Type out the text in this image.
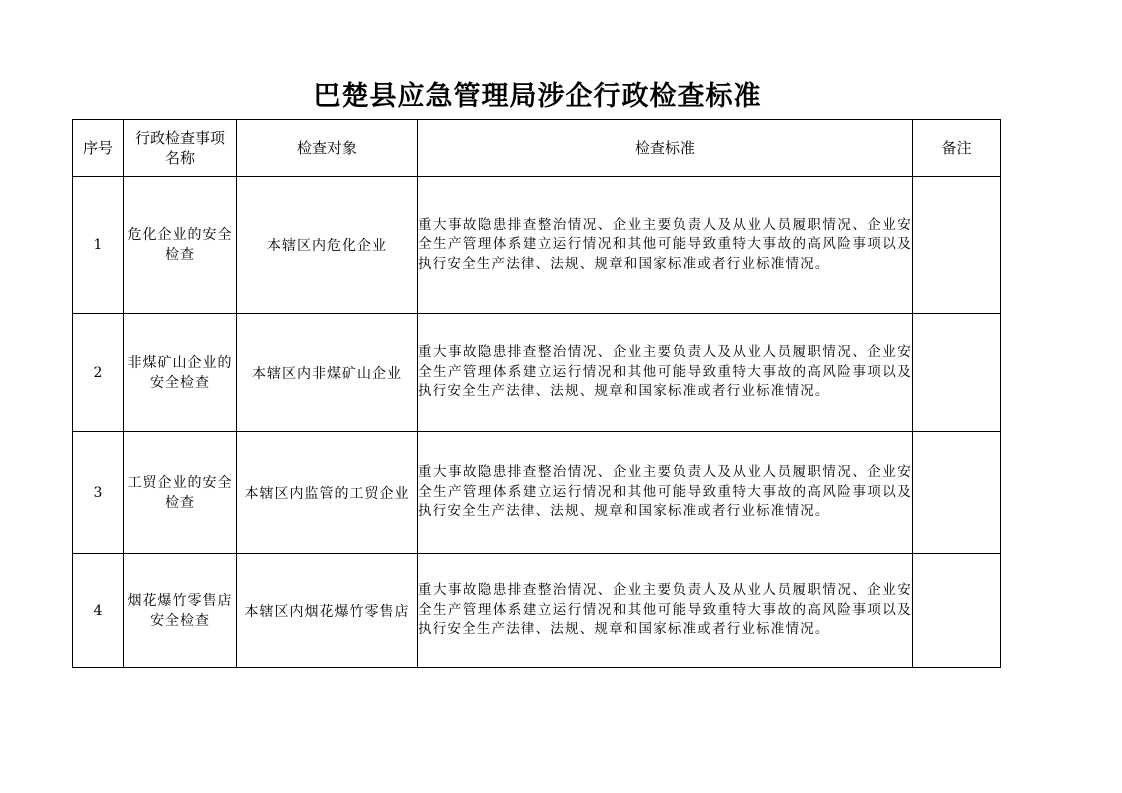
巴楚县应急管理局涉企行政检查标准
序号	行政检查事项名称	检查对象	检查标准	备注
1	危化企业的安全检查	本辖区内危化企业	重大事故隐患排查整治情况、企业主要负责人及从业人员履职情况、企业安全生产管理体系建立运行情况和其他可能导致重特大事故的高风险事项以及执行安全生产法律、法规、规章和国家标准或者行业标准情况。	
2	非煤矿山企业的安全检查	本辖区内非煤矿山企业	重大事故隐患排查整治情况、企业主要负责人及从业人员履职情况、企业安全生产管理体系建立运行情况和其他可能导致重特大事故的高风险事项以及执行安全生产法律、法规、规章和国家标准或者行业标准情况。	
3	工贸企业的安全检查	本辖区内监管的工贸企业	重大事故隐患排查整治情况、企业主要负责人及从业人员履职情况、企业安全生产管理体系建立运行情况和其他可能导致重特大事故的高风险事项以及执行安全生产法律、法规、规章和国家标准或者行业标准情况。	
4	烟花爆竹零售店安全检查	本辖区内烟花爆竹零售店	重大事故隐患排查整治情况、企业主要负责人及从业人员履职情况、企业安全生产管理体系建立运行情况和其他可能导致重特大事故的高风险事项以及执行安全生产法律、法规、规章和国家标准或者行业标准情况。	
